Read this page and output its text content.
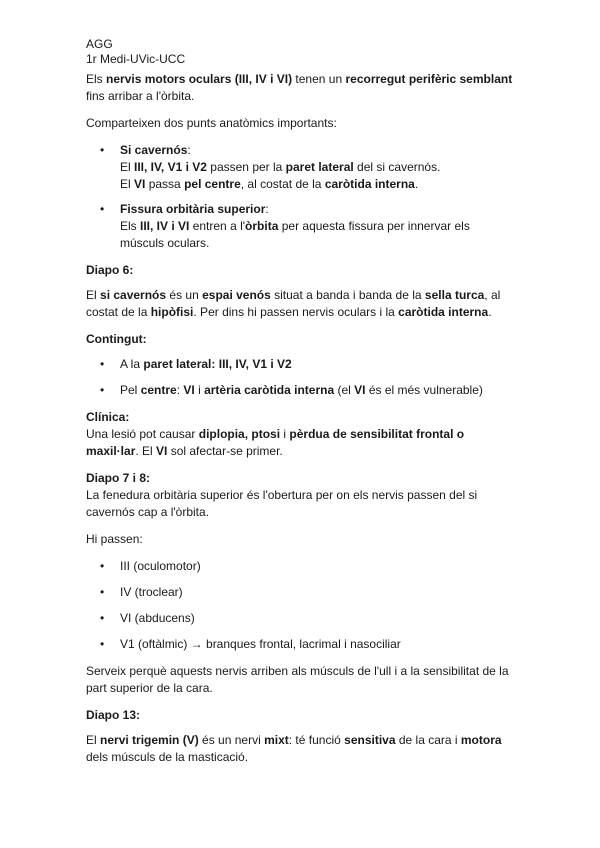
AGG
1r Medi-UVic-UCC

Els nervis motors oculars (III, IV i VI) tenen un recorregut perifèric semblant fins arribar a l'òrbita.

Comparteixen dos punts anatòmics importants:

• Si cavernós:
El III, IV, V1 i V2 passen per la paret lateral del si cavernós.
El VI passa pel centre, al costat de la caròtida interna.
• Fissura orbitària superior:
Els III, IV i VI entren a l'òrbita per aquesta fissura per innervar els músculs oculars.
Diapo 6:

El si cavernós és un espai venós situat a banda i banda de la sella turca, al costat de la hipòfisi. Per dins hi passen nervis oculars i la caròtida interna.

Contingut:
• A la paret lateral: III, IV, V1 i V2
• Pel centre: VI i artèria caròtida interna (el VI és el més vulnerable)
Clínica:

Una lesió pot causar diplopia, ptosi i pèrdua de sensibilitat frontal o maxil·lar. El VI sol afectar-se primer.

Diapo 7 i 8:

La fenedura orbitària superior és l'obertura per on els nervis passen del si cavernós cap a l'òrbita.

Hi passen:

• III (oculomotor)
• IV (troclear)
• VI (abducens)
• V1 (oftàlmic) → branques frontal, lacrimal i nasociliar

Serveix perquè aquests nervis arriben als músculs de l'ull i a la sensibilitat de la part superior de la cara.

Diapo 13:

El nervi trigemin (V) és un nervi mixt: té funció sensitiva de la cara i motora dels músculs de la masticació.
